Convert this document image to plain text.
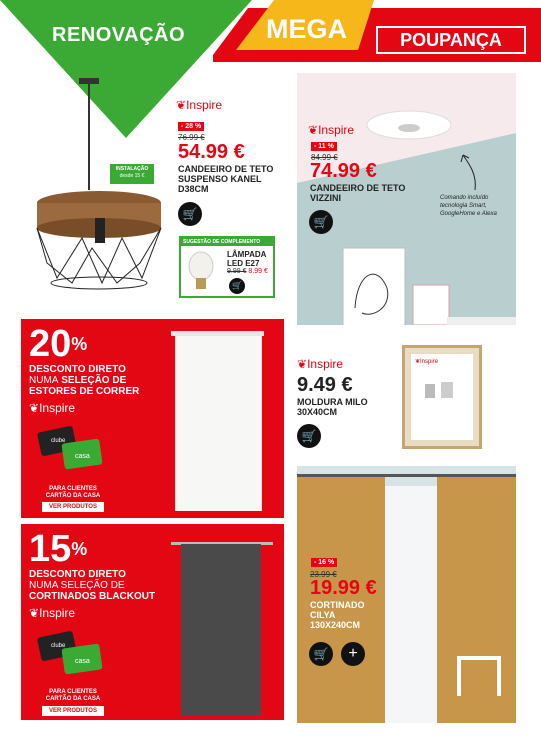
RENOVAÇÃO	MEGA	POUPANÇA
INSTALAÇÃO
desde 15 €
❦Inspire
- 28 %
76.99 €
54.99 €
CANDEEIRO DE TETO
SUSPENSO KANEL
D38CM
🛒
SUGESTÃO DE COMPLEMENTO
LÂMPADA
LED E27
9.99 € 8.99 €
🛒
❦Inspire
- 11 %
84.99 €
74.99 €
CANDEEIRO DE TETO
VIZZINI
🛒
Comando incluído
tecnologia Smart,
GoogleHome e Alexa
20%
DESCONTO DIRETO
NUMA SELEÇÃO DE
ESTORES DE CORRER
❦Inspire
clube
casa
PARA CLIENTES
CARTÃO DA CASA
VER PRODUTOS
❦Inspire
9.49 €
MOLDURA MILO
30X40CM
🛒
❦Inspire
15%
DESCONTO DIRETO
NUMA SELEÇÃO DE
CORTINADOS BLACKOUT
❦Inspire
clube
casa
PARA CLIENTES
CARTÃO DA CASA
VER PRODUTOS
- 16 %
23.99 €
19.99 €
CORTINADO
CILYA
130X240CM
🛒	+
